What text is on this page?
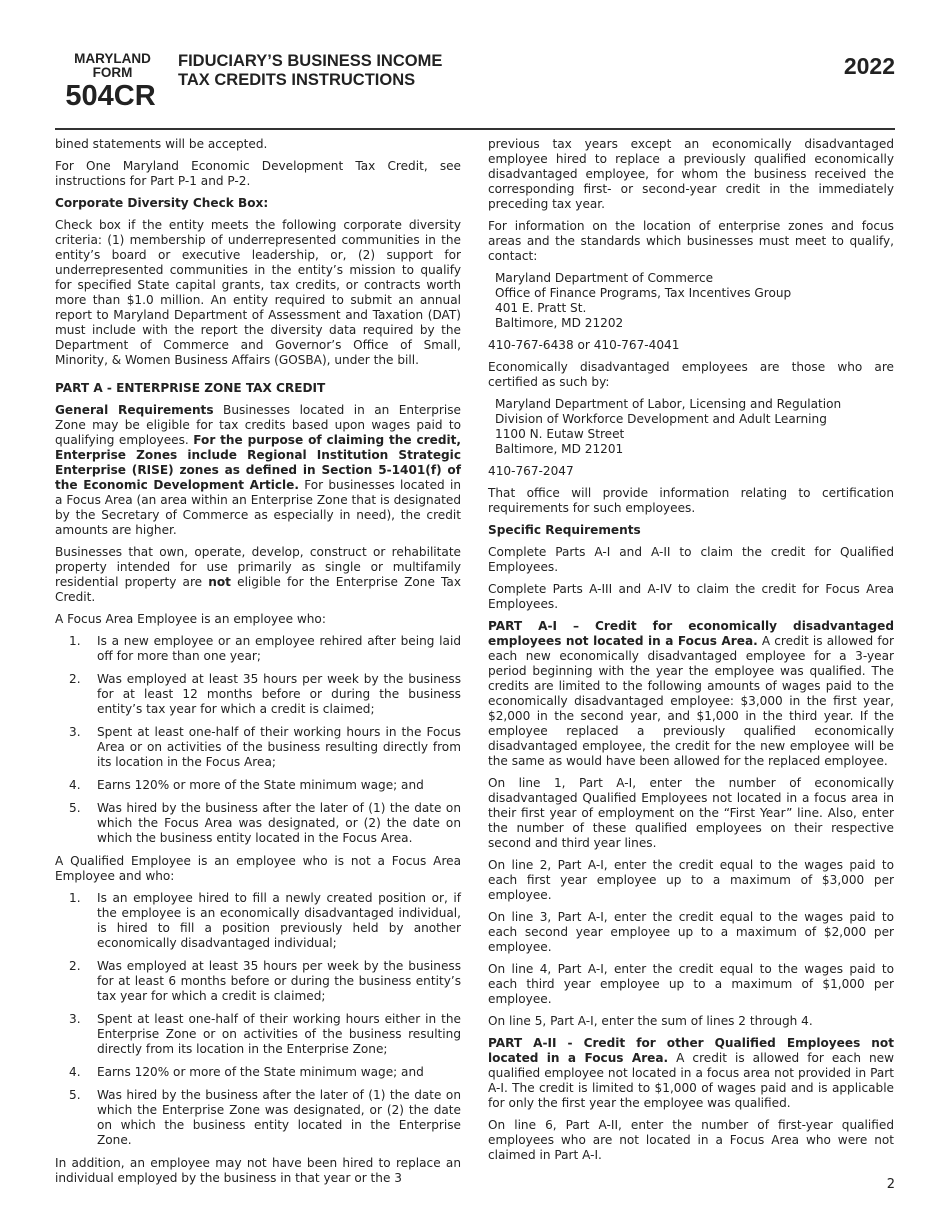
MARYLAND
FORM
504CR
FIDUCIARY’S BUSINESS INCOME
TAX CREDITS INSTRUCTIONS
2022

bined statements will be accepted.

For One Maryland Economic Development Tax Credit, see instructions for Part P-1 and P-2.

Corporate Diversity Check Box:

Check box if the entity meets the following corporate diversity criteria: (1) membership of underrepresented communities in the entity’s board or executive leadership, or, (2) support for underrepresented communities in the entity’s mission to qualify for specified State capital grants, tax credits, or contracts worth more than $1.0 million. An entity required to submit an annual report to Maryland Department of Assessment and Taxation (DAT) must include with the report the diversity data required by the Department of Commerce and Governor’s Office of Small, Minority, & Women Business Affairs (GOSBA), under the bill.

PART A - ENTERPRISE ZONE TAX CREDIT

General Requirements Businesses located in an Enterprise Zone may be eligible for tax credits based upon wages paid to qualifying employees. For the purpose of claiming the credit, Enterprise Zones include Regional Institution Strategic Enterprise (RISE) zones as defined in Section 5-1401(f) of the Economic Development Article. For businesses located in a Focus Area (an area within an Enterprise Zone that is designated by the Secretary of Commerce as especially in need), the credit amounts are higher.

Businesses that own, operate, develop, construct or rehabilitate property intended for use primarily as single or multifamily residential property are not eligible for the Enterprise Zone Tax Credit.

A Focus Area Employee is an employee who:

1. Is a new employee or an employee rehired after being laid off for more than one year;
2. Was employed at least 35 hours per week by the business for at least 12 months before or during the business entity’s tax year for which a credit is claimed;
3. Spent at least one-half of their working hours in the Focus Area or on activities of the business resulting directly from its location in the Focus Area;
4. Earns 120% or more of the State minimum wage; and
5. Was hired by the business after the later of (1) the date on which the Focus Area was designated, or (2) the date on which the business entity located in the Focus Area.

A Qualified Employee is an employee who is not a Focus Area Employee and who:

1. Is an employee hired to fill a newly created position or, if the employee is an economically disadvantaged individual, is hired to fill a position previously held by another economically disadvantaged individual;
2. Was employed at least 35 hours per week by the business for at least 6 months before or during the business entity’s tax year for which a credit is claimed;
3. Spent at least one-half of their working hours either in the Enterprise Zone or on activities of the business resulting directly from its location in the Enterprise Zone;
4. Earns 120% or more of the State minimum wage; and
5. Was hired by the business after the later of (1) the date on which the Enterprise Zone was designated, or (2) the date on which the business entity located in the Enterprise Zone.

In addition, an employee may not have been hired to replace an individual employed by the business in that year or the 3

previous tax years except an economically disadvantaged employee hired to replace a previously qualified economically disadvantaged employee, for whom the business received the corresponding first- or second-year credit in the immediately preceding tax year.

For information on the location of enterprise zones and focus areas and the standards which businesses must meet to qualify, contact:

Maryland Department of Commerce
Office of Finance Programs, Tax Incentives Group
401 E. Pratt St.
Baltimore, MD 21202

410-767-6438 or 410-767-4041

Economically disadvantaged employees are those who are certified as such by:

Maryland Department of Labor, Licensing and Regulation
Division of Workforce Development and Adult Learning
1100 N. Eutaw Street
Baltimore, MD 21201

410-767-2047

That office will provide information relating to certification requirements for such employees.

Specific Requirements

Complete Parts A-I and A-II to claim the credit for Qualified Employees.

Complete Parts A-III and A-IV to claim the credit for Focus Area Employees.

PART A-I – Credit for economically disadvantaged employees not located in a Focus Area. A credit is allowed for each new economically disadvantaged employee for a 3-year period beginning with the year the employee was qualified. The credits are limited to the following amounts of wages paid to the economically disadvantaged employee: $3,000 in the first year, $2,000 in the second year, and $1,000 in the third year. If the employee replaced a previously qualified economically disadvantaged employee, the credit for the new employee will be the same as would have been allowed for the replaced employee.

On line 1, Part A-I, enter the number of economically disadvantaged Qualified Employees not located in a focus area in their first year of employment on the “First Year” line. Also, enter the number of these qualified employees on their respective second and third year lines.

On line 2, Part A-I, enter the credit equal to the wages paid to each first year employee up to a maximum of $3,000 per employee.

On line 3, Part A-I, enter the credit equal to the wages paid to each second year employee up to a maximum of $2,000 per employee.

On line 4, Part A-I, enter the credit equal to the wages paid to each third year employee up to a maximum of $1,000 per employee.

On line 5, Part A-I, enter the sum of lines 2 through 4.

PART A-II - Credit for other Qualified Employees not located in a Focus Area. A credit is allowed for each new qualified employee not located in a focus area not provided in Part A-I. The credit is limited to $1,000 of wages paid and is applicable for only the first year the employee was qualified.

On line 6, Part A-II, enter the number of first-year qualified employees who are not located in a Focus Area who were not claimed in Part A-I.

2
